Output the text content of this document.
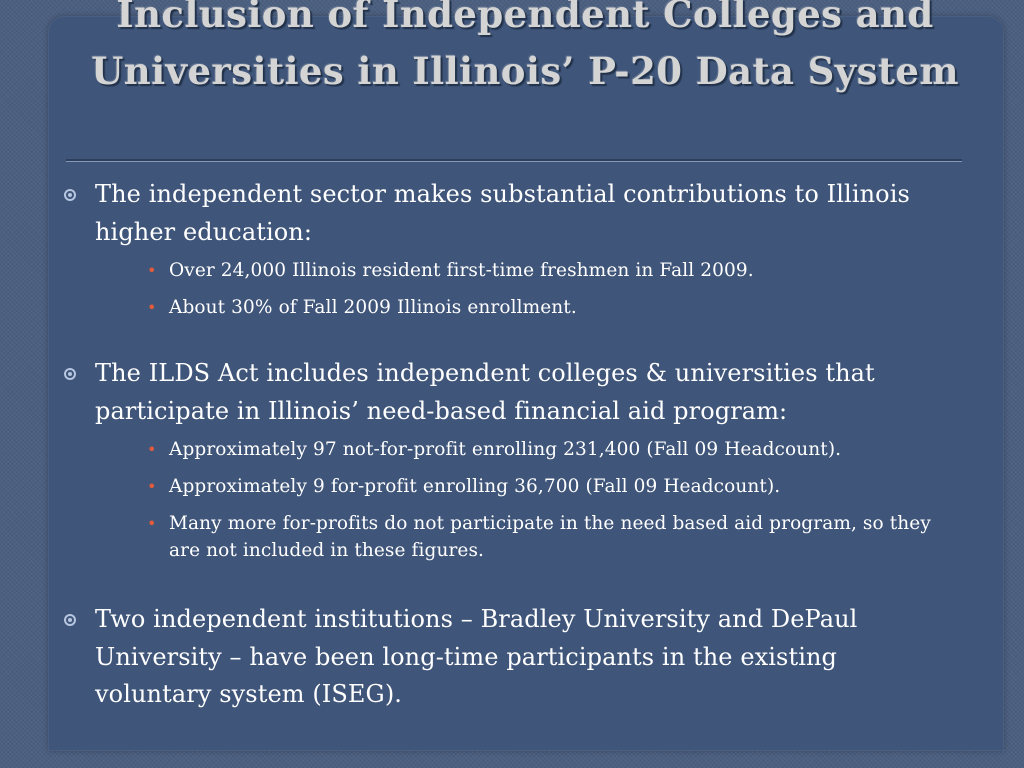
Inclusion of Independent Colleges and Universities in Illinois’ P-20 Data System
The independent sector makes substantial contributions to Illinois higher education:
• Over 24,000 Illinois resident first-time freshmen in Fall 2009.
• About 30% of Fall 2009 Illinois enrollment.
The ILDS Act includes independent colleges & universities that participate in Illinois’ need-based financial aid program:
• Approximately 97 not-for-profit enrolling 231,400 (Fall 09 Headcount).
• Approximately 9 for-profit enrolling 36,700 (Fall 09 Headcount).
• Many more for-profits do not participate in the need based aid program, so they are not included in these figures.
Two independent institutions – Bradley University and DePaul University – have been long-time participants in the existing voluntary system (ISEG).
